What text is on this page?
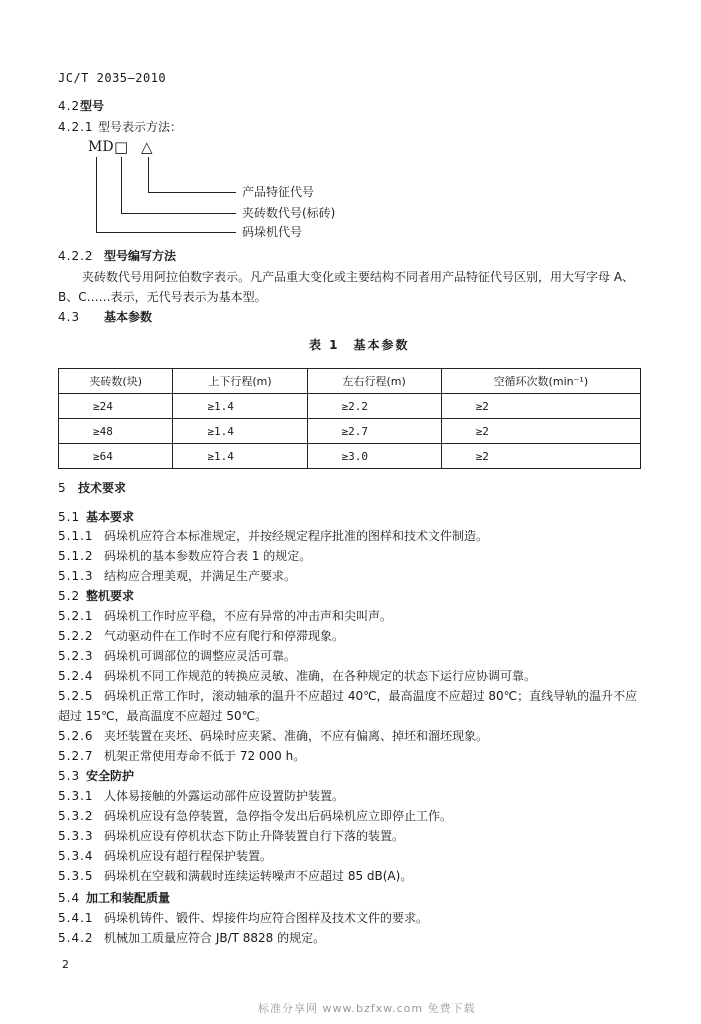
JC/T 2035—2010
4.2型号
4.2.1 型号表示方法：
MD □ △
产品特征代号
夹砖数代号(标砖)
码垛机代号
4.2.2 型号编写方法
夹砖数代号用阿拉伯数字表示。凡产品重大变化或主要结构不同者用产品特征代号区别，用大写字母 A、B、C……表示，无代号表示为基本型。
4.3 基本参数
表 1　基本参数
夹砖数(块)	上下行程(m)	左右行程(m)	空循环次数(min⁻¹)
≥24	≥1.4	≥2.2	≥2
≥48	≥1.4	≥2.7	≥2
≥64	≥1.4	≥3.0	≥2
5 技术要求
5.1 基本要求
5.1.1 码垛机应符合本标准规定，并按经规定程序批准的图样和技术文件制造。
5.1.2 码垛机的基本参数应符合表 1 的规定。
5.1.3 结构应合理美观，并满足生产要求。
5.2 整机要求
5.2.1 码垛机工作时应平稳，不应有异常的冲击声和尖叫声。
5.2.2 气动驱动件在工作时不应有爬行和停滞现象。
5.2.3 码垛机可调部位的调整应灵活可靠。
5.2.4 码垛机不同工作规范的转换应灵敏、准确，在各种规定的状态下运行应协调可靠。
5.2.5 码垛机正常工作时，滚动轴承的温升不应超过 40℃，最高温度不应超过 80℃；直线导轨的温升不应超过 15℃，最高温度不应超过 50℃。
5.2.6 夹坯装置在夹坯、码垛时应夹紧、准确，不应有偏离、掉坯和溜坯现象。
5.2.7 机架正常使用寿命不低于 72 000 h。
5.3 安全防护
5.3.1 人体易接触的外露运动部件应设置防护装置。
5.3.2 码垛机应设有急停装置，急停指令发出后码垛机应立即停止工作。
5.3.3 码垛机应设有停机状态下防止升降装置自行下落的装置。
5.3.4 码垛机应设有超行程保护装置。
5.3.5 码垛机在空载和满载时连续运转噪声不应超过 85 dB(A)。
5.4 加工和装配质量
5.4.1 码垛机铸件、锻件、焊接件均应符合图样及技术文件的要求。
5.4.2 机械加工质量应符合 JB/T 8828 的规定。
2
标准分享网 www.bzfxw.com 免费下载
